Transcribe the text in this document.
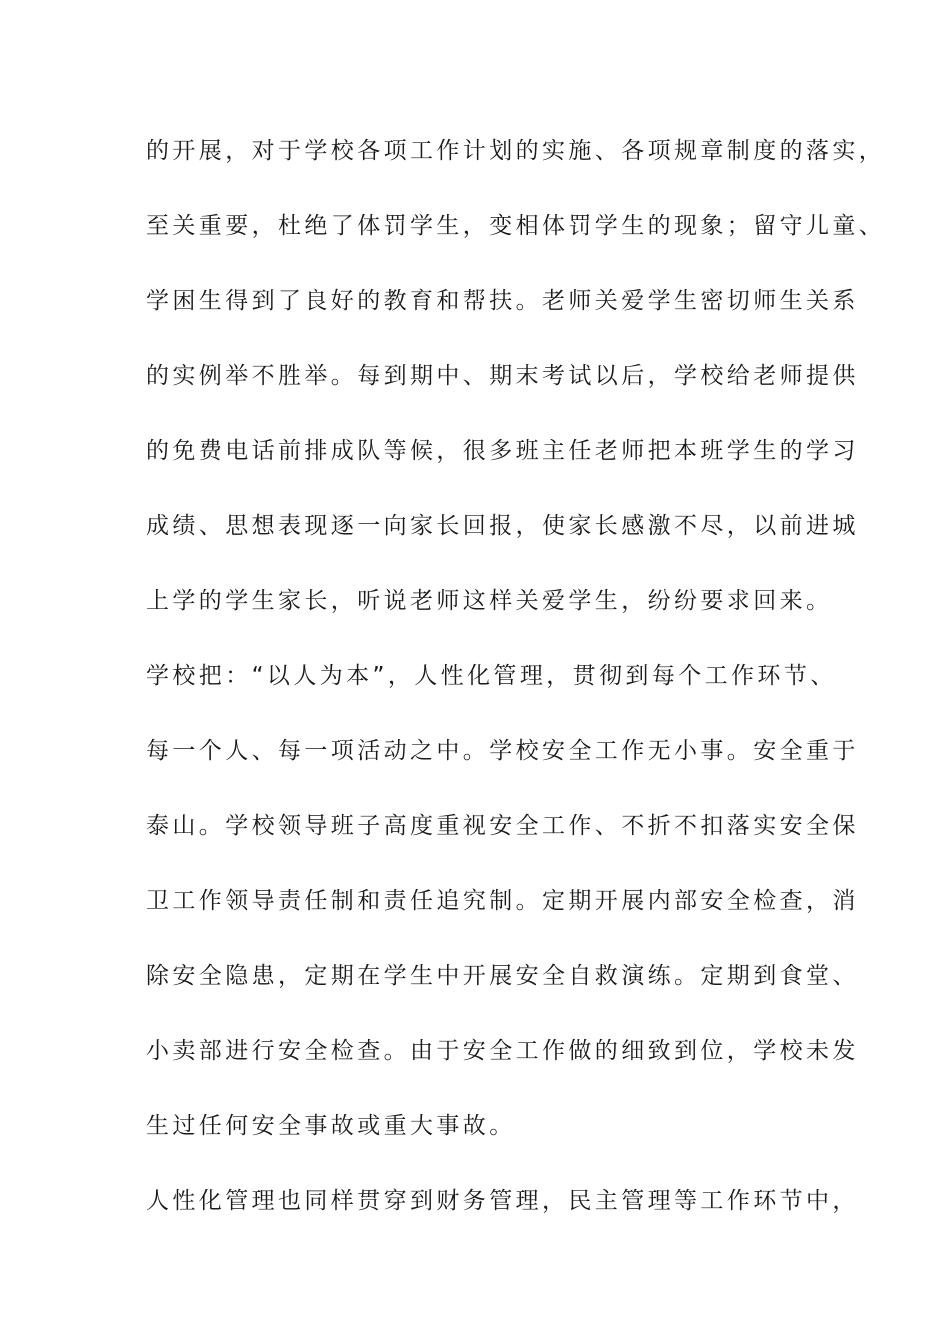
的开展，对于学校各项工作计划的实施、各项规章制度的落实，
至关重要，杜绝了体罚学生，变相体罚学生的现象；留守儿童、
学困生得到了良好的教育和帮扶。老师关爱学生密切师生关系
的实例举不胜举。每到期中、期末考试以后，学校给老师提供
的免费电话前排成队等候，很多班主任老师把本班学生的学习
成绩、思想表现逐一向家长回报，使家长感激不尽，以前进城
上学的学生家长，听说老师这样关爱学生，纷纷要求回来。
学校把：“以人为本”，人性化管理，贯彻到每个工作环节、
每一个人、每一项活动之中。学校安全工作无小事。安全重于
泰山。学校领导班子高度重视安全工作、不折不扣落实安全保
卫工作领导责任制和责任追究制。定期开展内部安全检查，消
除安全隐患，定期在学生中开展安全自救演练。定期到食堂、
小卖部进行安全检查。由于安全工作做的细致到位，学校未发
生过任何安全事故或重大事故。
人性化管理也同样贯穿到财务管理，民主管理等工作环节中，
